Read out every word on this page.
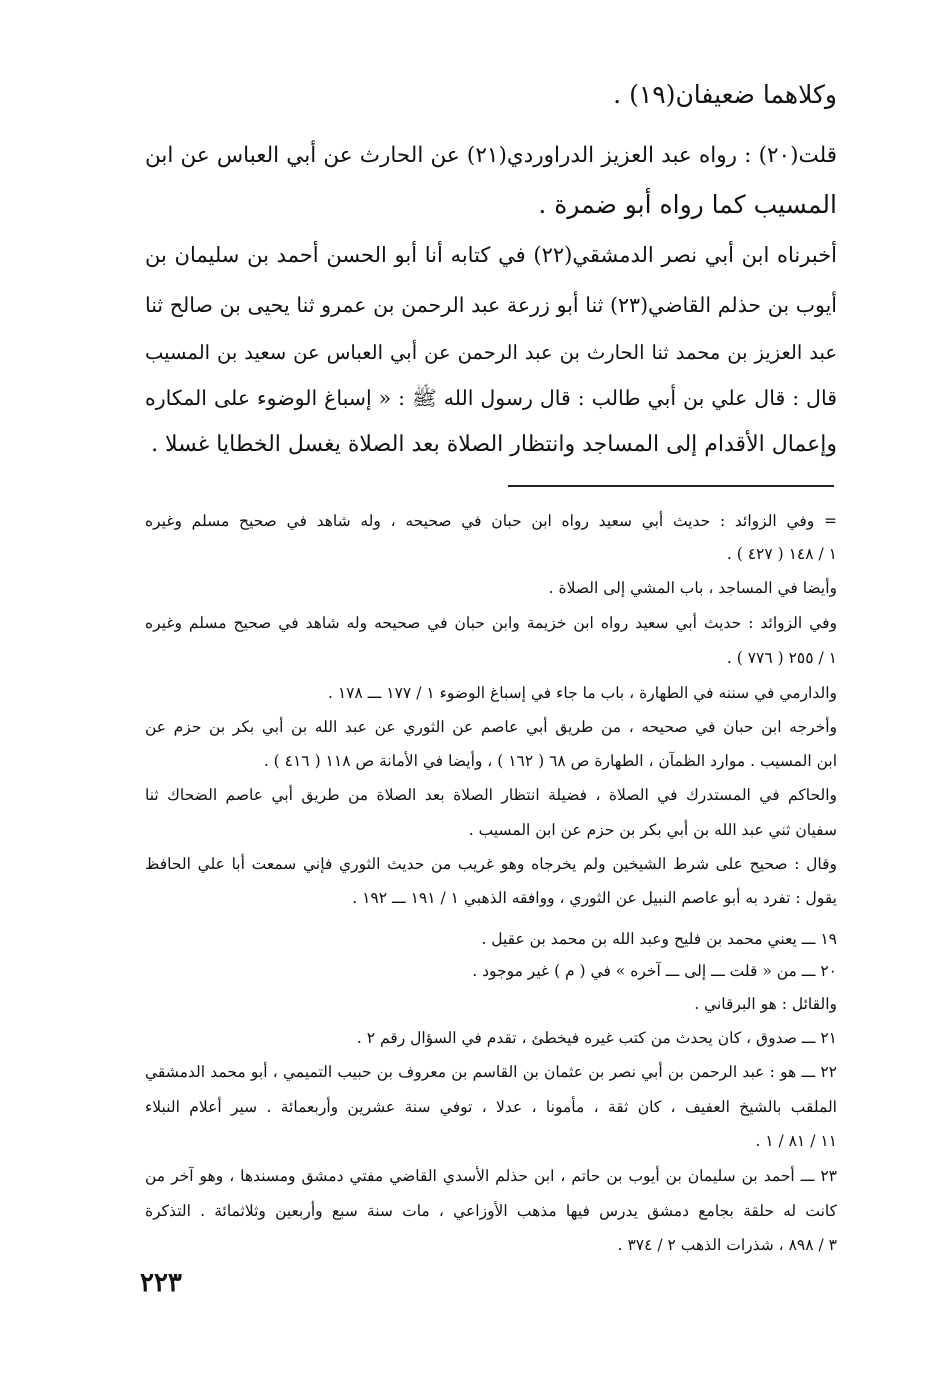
وكلاهما ضعيفان(١٩) .
قلت(٢٠) : رواه عبد العزيز الدراوردي(٢١) عن الحارث عن أبي العباس عن ابن
المسيب كما رواه أبو ضمرة .
أخبرناه ابن أبي نصر الدمشقي(٢٢) في كتابه أنا أبو الحسن أحمد بن سليمان بن
أيوب بن حذلم القاضي(٢٣) ثنا أبو زرعة عبد الرحمن بن عمرو ثنا يحيى بن صالح ثنا
عبد العزيز بن محمد ثنا الحارث بن عبد الرحمن عن أبي العباس عن سعيد بن المسيب
قال : قال علي بن أبي طالب : قال رسول الله ﷺ : « إسباغ الوضوء على المكاره
وإعمال الأقدام إلى المساجد وانتظار الصلاة بعد الصلاة يغسل الخطايا غسلا .
= وفي الزوائد : حديث أبي سعيد رواه ابن حبان في صحيحه ، وله شاهد في صحيح مسلم وغيره
١ / ١٤٨ ( ٤٢٧ ) .
وأيضا في المساجد ، باب المشي إلى الصلاة .
وفي الزوائد : حديث أبي سعيد رواه ابن خزيمة وابن حبان في صحيحه وله شاهد في صحيح مسلم وغيره
١ / ٢٥٥ ( ٧٧٦ ) .
والدارمي في سننه في الطهارة ، باب ما جاء في إسباغ الوضوء ١ / ١٧٧ ـــ ١٧٨ .
وأخرجه ابن حبان في صحيحه ، من طريق أبي عاصم عن الثوري عن عبد الله بن أبي بكر بن حزم عن
ابن المسيب . موارد الظمآن ، الطهارة ص ٦٨ ( ١٦٢ ) ، وأيضا في الأمانة ص ١١٨ ( ٤١٦ ) .
والحاكم في المستدرك في الصلاة ، فضيلة انتظار الصلاة بعد الصلاة من طريق أبي عاصم الضحاك ثنا
سفيان ثني عبد الله بن أبي بكر بن حزم عن ابن المسيب .
وقال : صحيح على شرط الشيخين ولم يخرجاه وهو غريب من حديث الثوري فإني سمعت أبا علي الحافظ
يقول : تفرد به أبو عاصم النبيل عن الثوري ، ووافقه الذهبي ١ / ١٩١ ـــ ١٩٢ .
١٩ ـــ يعني محمد بن فليح وعبد الله بن محمد بن عقيل .
٢٠ ـــ من « قلت ـــ إلى ـــ آخره » في ( م ) غير موجود .
والقائل : هو البرقاني .
٢١ ـــ صدوق ، كان يحدث من كتب غيره فيخطئ ، تقدم في السؤال رقم ٢ .
٢٢ ـــ هو : عبد الرحمن بن أبي نصر بن عثمان بن القاسم بن معروف بن حبيب التميمي ، أبو محمد الدمشقي
الملقب بالشيخ العفيف ، كان ثقة ، مأمونا ، عدلا ، توفي سنة عشرين وأربعمائة . سير أعلام النبلاء
١١ / ٨١ / ١ .
٢٣ ـــ أحمد بن سليمان بن أيوب بن حاتم ، ابن حذلم الأسدي القاضي مفتي دمشق ومسندها ، وهو آخر من
كانت له حلقة بجامع دمشق يدرس فيها مذهب الأوزاعي ، مات سنة سبع وأربعين وثلاثمائة . التذكرة
٣ / ٨٩٨ ، شذرات الذهب ٢ / ٣٧٤ .
٢٢٣
